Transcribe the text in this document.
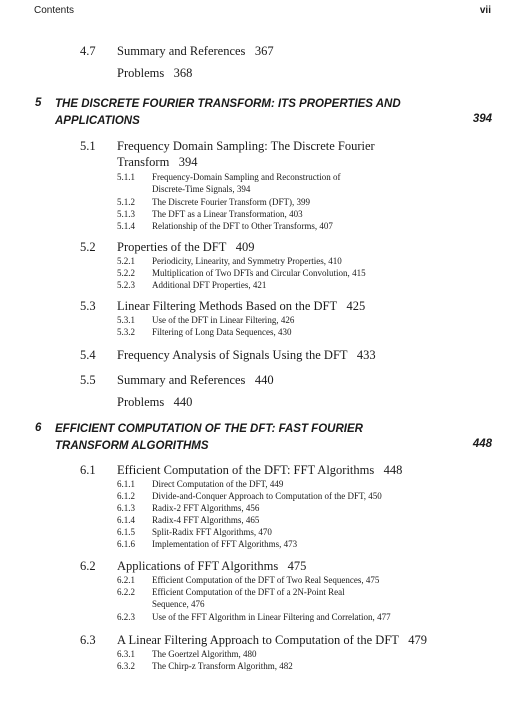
Contents	vii
4.7 Summary and References 367
Problems 368
5 THE DISCRETE FOURIER TRANSFORM: ITS PROPERTIES AND
APPLICATIONS	394
5.1 Frequency Domain Sampling: The Discrete Fourier
Transform 394
5.1.1 Frequency-Domain Sampling and Reconstruction of
Discrete-Time Signals, 394
5.1.2 The Discrete Fourier Transform (DFT), 399
5.1.3 The DFT as a Linear Transformation, 403
5.1.4 Relationship of the DFT to Other Transforms, 407
5.2 Properties of the DFT 409
5.2.1 Periodicity, Linearity, and Symmetry Properties, 410
5.2.2 Multiplication of Two DFTs and Circular Convolution, 415
5.2.3 Additional DFT Properties, 421
5.3 Linear Filtering Methods Based on the DFT 425
5.3.1 Use of the DFT in Linear Filtering, 426
5.3.2 Filtering of Long Data Sequences, 430
5.4 Frequency Analysis of Signals Using the DFT 433
5.5 Summary and References 440
Problems 440
6 EFFICIENT COMPUTATION OF THE DFT: FAST FOURIER
TRANSFORM ALGORITHMS	448
6.1 Efficient Computation of the DFT: FFT Algorithms 448
6.1.1 Direct Computation of the DFT, 449
6.1.2 Divide-and-Conquer Approach to Computation of the DFT, 450
6.1.3 Radix-2 FFT Algorithms, 456
6.1.4 Radix-4 FFT Algorithms, 465
6.1.5 Split-Radix FFT Algorithms, 470
6.1.6 Implementation of FFT Algorithms, 473
6.2 Applications of FFT Algorithms 475
6.2.1 Efficient Computation of the DFT of Two Real Sequences, 475
6.2.2 Efficient Computation of the DFT of a 2N-Point Real
Sequence, 476
6.2.3 Use of the FFT Algorithm in Linear Filtering and Correlation, 477
6.3 A Linear Filtering Approach to Computation of the DFT 479
6.3.1 The Goertzel Algorithm, 480
6.3.2 The Chirp-z Transform Algorithm, 482
